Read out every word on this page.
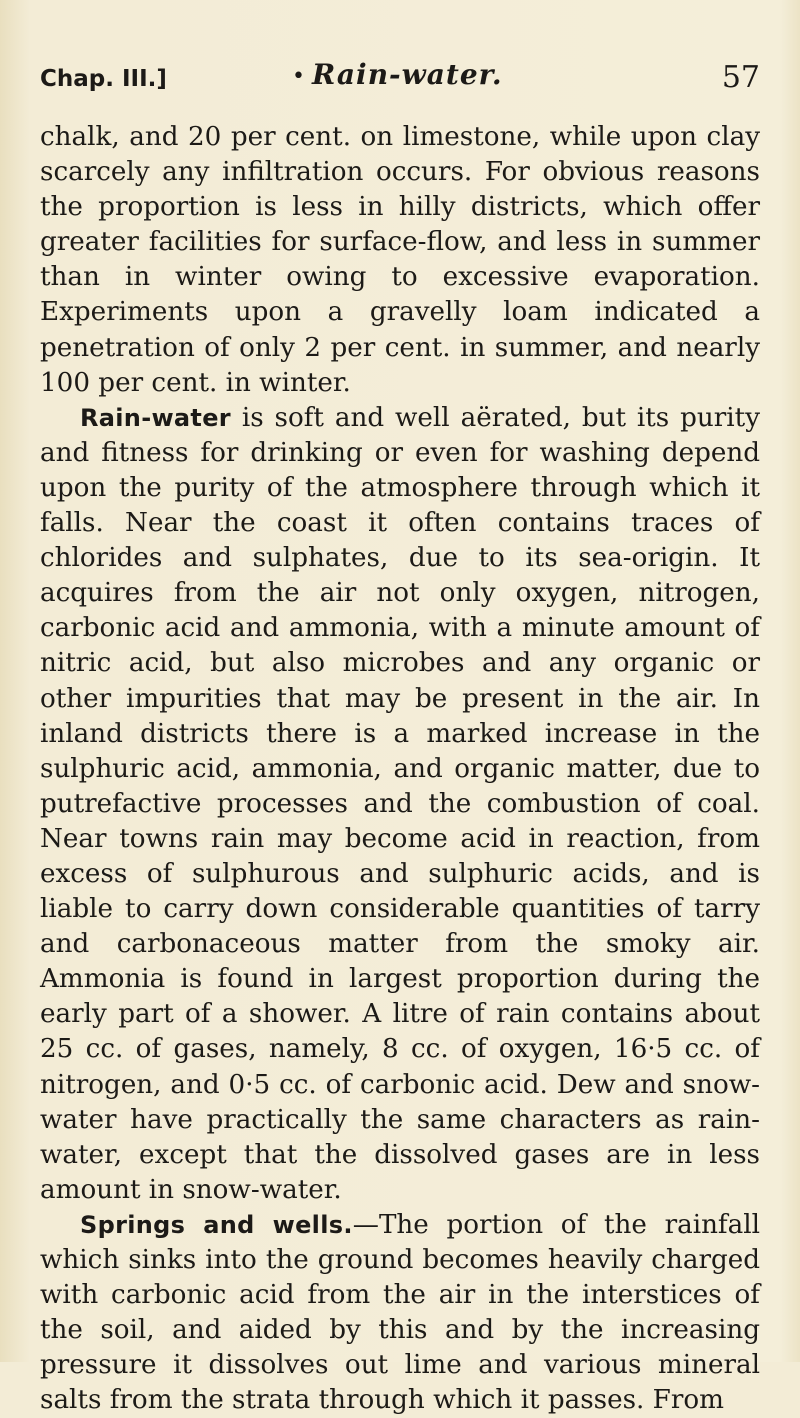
Chap. III.]	• Rain-water.	57

chalk, and 20 per cent. on limestone, while upon clay scarcely any infiltration occurs. For obvious reasons the proportion is less in hilly districts, which offer greater facilities for surface-flow, and less in summer than in winter owing to excessive evaporation. Experiments upon a gravelly loam indicated a penetration of only 2 per cent. in summer, and nearly 100 per cent. in winter.

Rain-water is soft and well aërated, but its purity and fitness for drinking or even for washing depend upon the purity of the atmosphere through which it falls. Near the coast it often contains traces of chlorides and sulphates, due to its sea-origin. It acquires from the air not only oxygen, nitrogen, carbonic acid and ammonia, with a minute amount of nitric acid, but also microbes and any organic or other impurities that may be present in the air. In inland districts there is a marked increase in the sulphuric acid, ammonia, and organic matter, due to putrefactive processes and the combustion of coal. Near towns rain may become acid in reaction, from excess of sulphurous and sulphuric acids, and is liable to carry down considerable quantities of tarry and carbonaceous matter from the smoky air. Ammonia is found in largest proportion during the early part of a shower. A litre of rain contains about 25 cc. of gases, namely, 8 cc. of oxygen, 16·5 cc. of nitrogen, and 0·5 cc. of carbonic acid. Dew and snow-water have practically the same characters as rain-water, except that the dissolved gases are in less amount in snow-water.

Springs and wells.—The portion of the rainfall which sinks into the ground becomes heavily charged with carbonic acid from the air in the interstices of the soil, and aided by this and by the increasing pressure it dissolves out lime and various mineral salts from the strata through which it passes. From
